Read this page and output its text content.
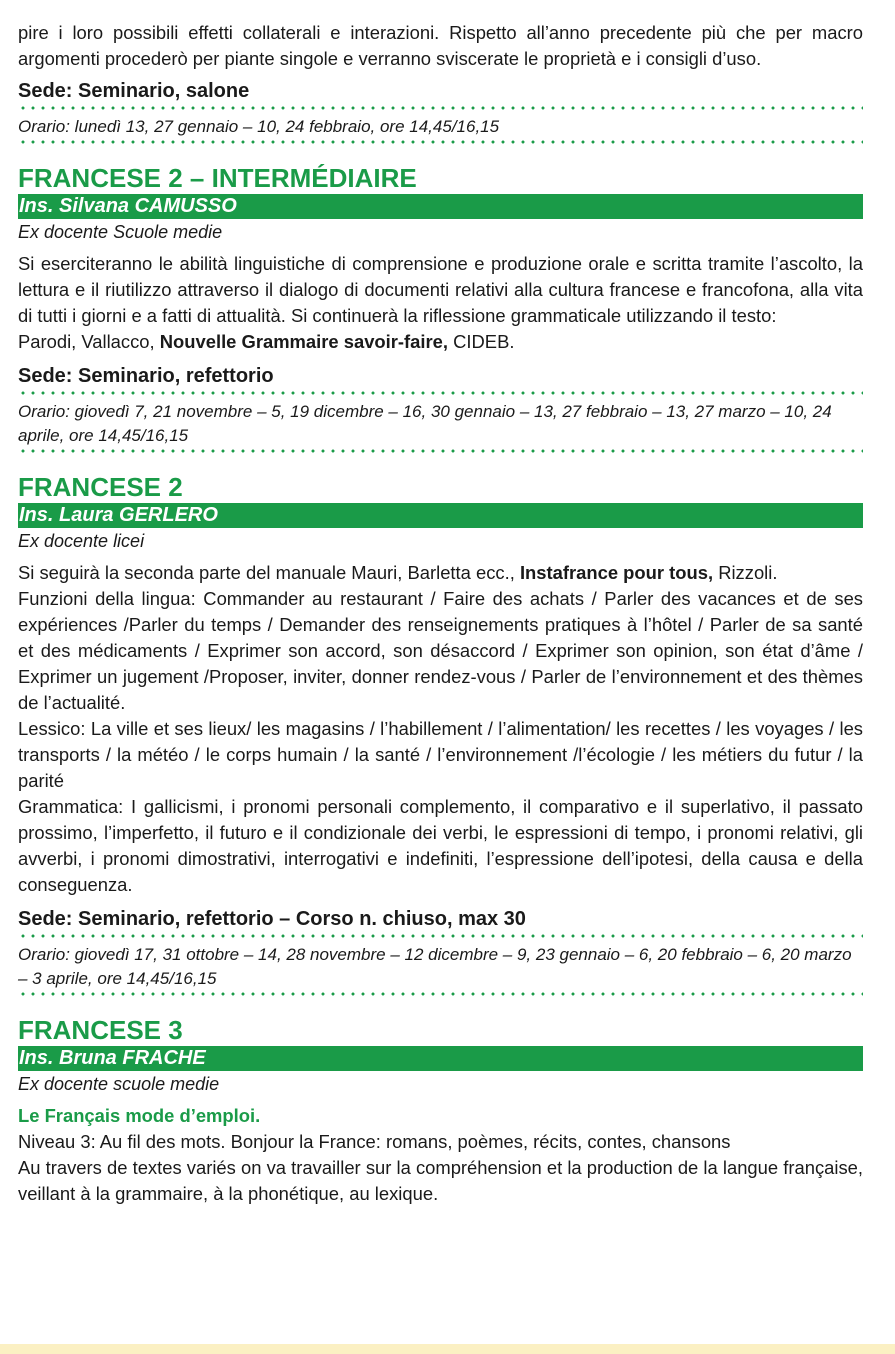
pire i loro possibili effetti collaterali e interazioni. Rispetto all’anno precedente più che per macro argomenti procederò per piante singole e verranno sviscerate le proprietà e i consigli d’uso.

Sede: Seminario, salone
Orario: lunedì 13, 27 gennaio – 10, 24 febbraio, ore 14,45/16,15
FRANCESE 2 – INTERMÉDIAIRE
Ins. Silvana CAMUSSO
Ex docente Scuole medie

Si eserciteranno le abilità linguistiche di comprensione e produzione orale e scritta tramite l’ascolto, la lettura e il riutilizzo attraverso il dialogo di documenti relativi alla cultura francese e francofona, alla vita di tutti i giorni e a fatti di attualità. Si continuerà la riflessione grammaticale utilizzando il testo:

Parodi, Vallacco, Nouvelle Grammaire savoir-faire, CIDEB.

Sede: Seminario, refettorio
Orario: giovedì 7, 21 novembre – 5, 19 dicembre – 16, 30 gennaio – 13, 27 febbraio – 13, 27 marzo – 10, 24 aprile, ore 14,45/16,15
FRANCESE 2
Ins. Laura GERLERO
Ex docente licei

Si seguirà la seconda parte del manuale Mauri, Barletta ecc., Instafrance pour tous, Rizzoli.

Funzioni della lingua: Commander au restaurant / Faire des achats / Parler des vacances et de ses expériences /Parler du temps / Demander des renseignements pratiques à l’hôtel / Parler de sa santé et des médicaments / Exprimer son accord, son désaccord / Exprimer son opinion, son état d’âme / Exprimer un jugement /Proposer, inviter, donner rendez-vous / Parler de l’environnement et des thèmes de l’actualité.

Lessico: La ville et ses lieux/ les magasins / l’habillement / l’alimentation/ les recettes / les voyages / les transports / la météo / le corps humain / la santé / l’environnement /l’écologie / les métiers du futur / la parité

Grammatica: I gallicismi, i pronomi personali complemento, il comparativo e il superlativo, il passato prossimo, l’imperfetto, il futuro e il condizionale dei verbi, le espressioni di tempo, i pronomi relativi, gli avverbi, i pronomi dimostrativi, interrogativi e indefiniti, l’espressione dell’ipotesi, della causa e della conseguenza.

Sede: Seminario, refettorio – Corso n. chiuso, max 30
Orario: giovedì 17, 31 ottobre – 14, 28 novembre – 12 dicembre – 9, 23 gennaio – 6, 20 febbraio – 6, 20 marzo – 3 aprile, ore 14,45/16,15
FRANCESE 3
Ins. Bruna FRACHE
Ex docente scuole medie
Le Français mode d’emploi.

Niveau 3: Au fil des mots. Bonjour la France: romans, poèmes, récits, contes, chansons

Au travers de textes variés on va travailler sur la compréhension et la production de la langue française, veillant à la grammaire, à la phonétique, au lexique.
